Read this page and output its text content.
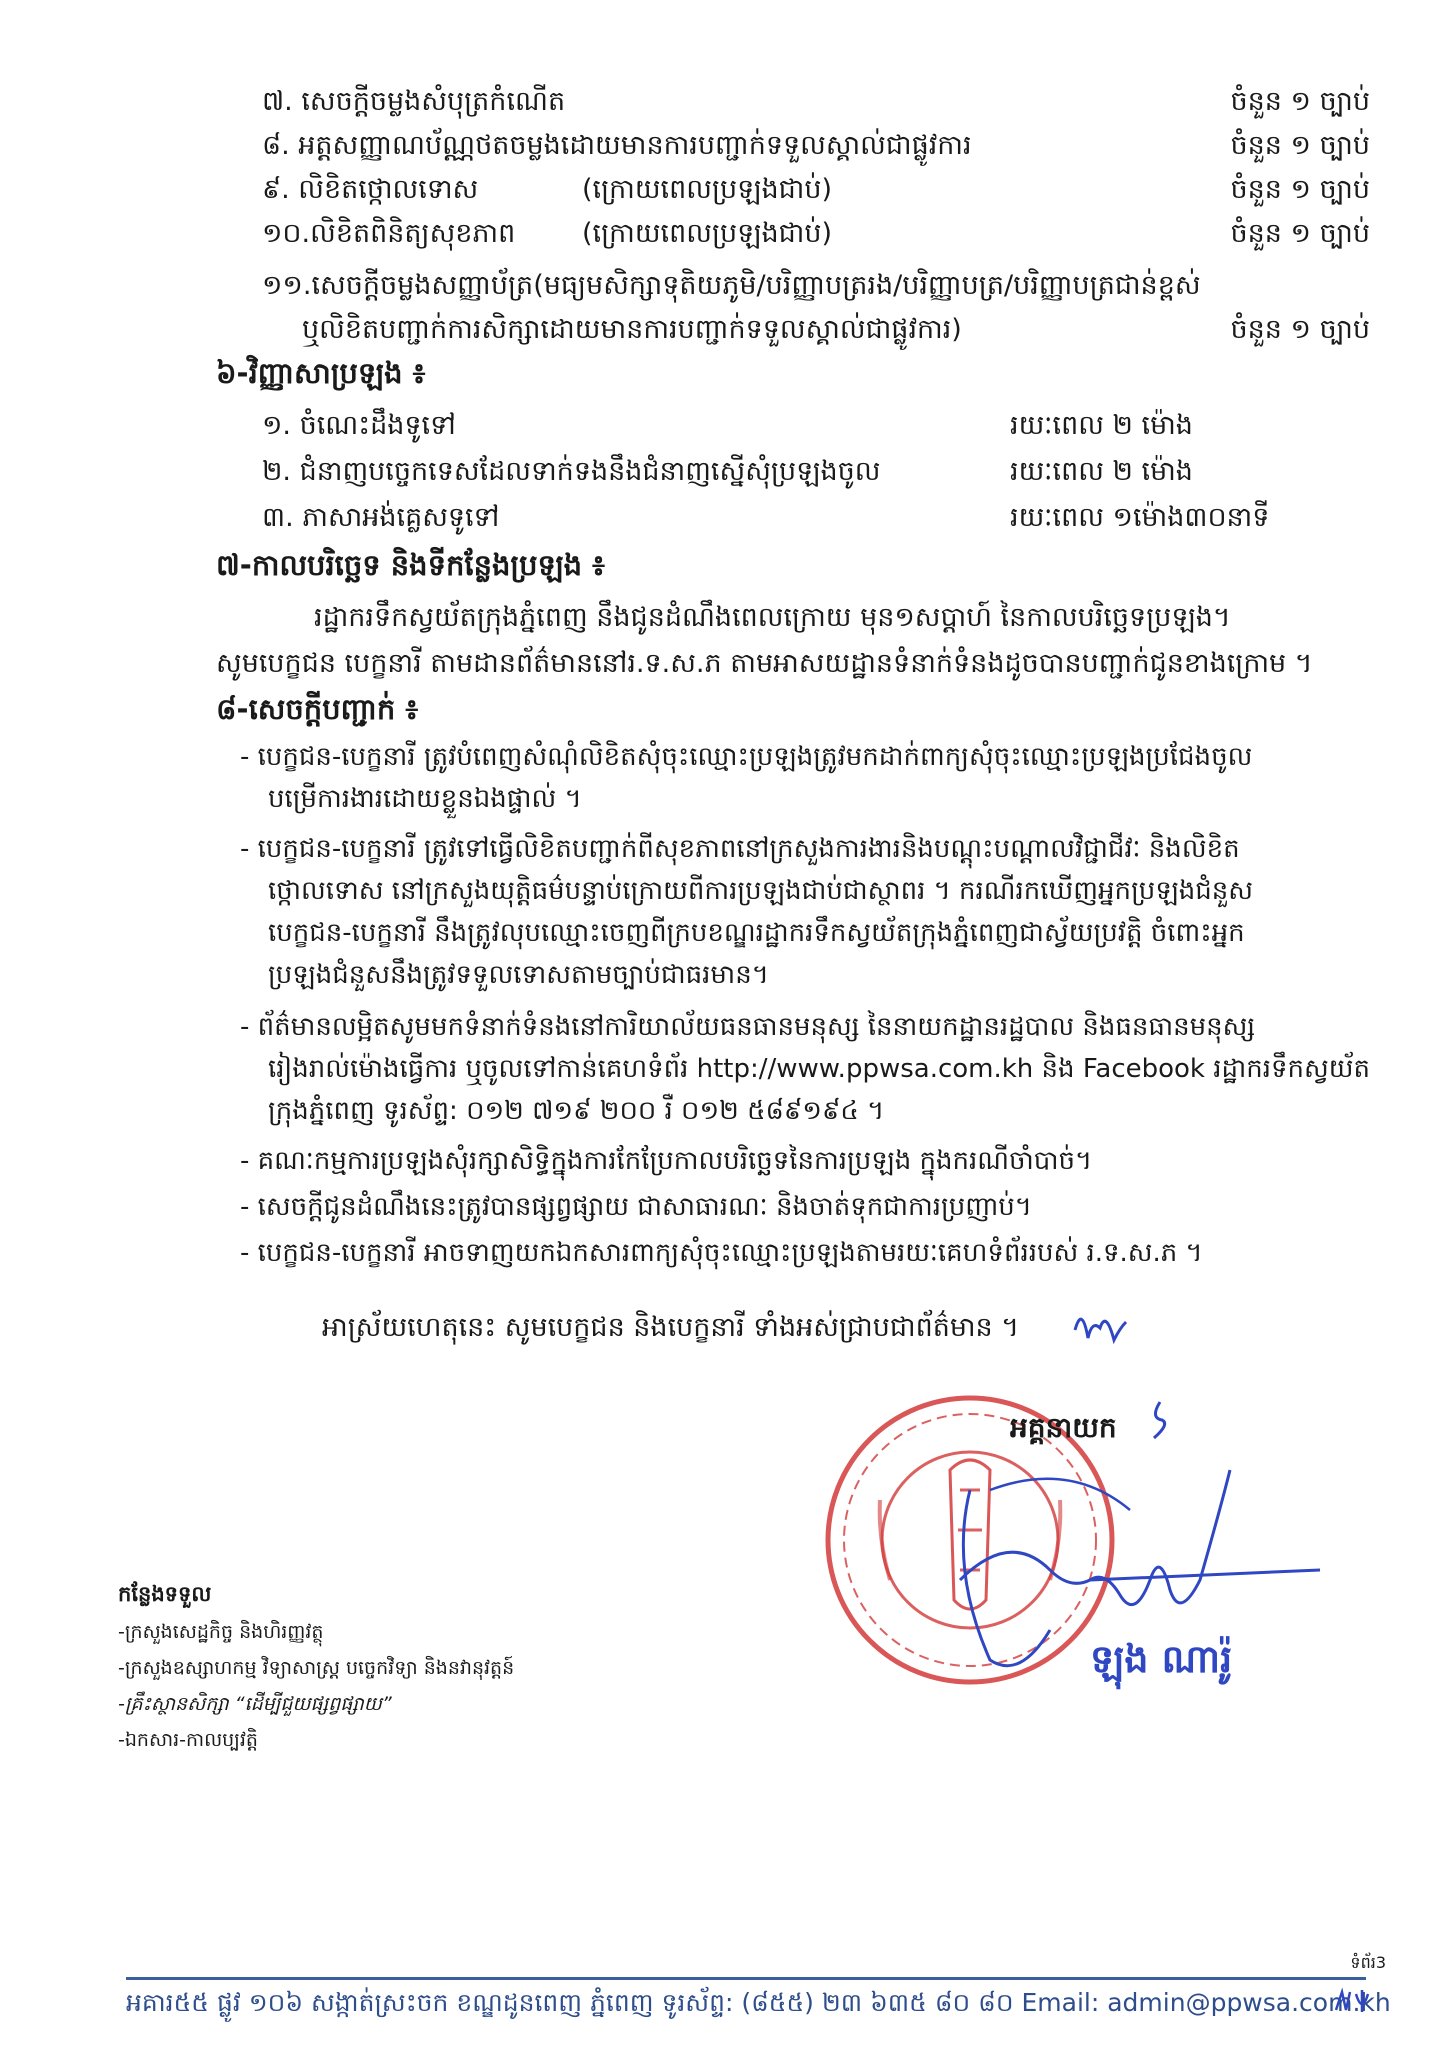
៧. សេចក្ដីចម្លងសំបុត្រកំណើត	ចំនួន ១ ច្បាប់
៨. អត្តសញ្ញាណប័ណ្ណថតចម្លងដោយមានការបញ្ជាក់ទទួលស្គាល់ជាផ្លូវការ	ចំនួន ១ ច្បាប់
៩. លិខិតថ្កោលទោស	(ក្រោយពេលប្រឡងជាប់)	ចំនួន ១ ច្បាប់
១០.លិខិតពិនិត្យសុខភាព (ក្រោយពេលប្រឡងជាប់)	ចំនួន ១ ច្បាប់
១១.សេចក្ដីចម្លងសញ្ញាប័ត្រ(មធ្យមសិក្សាទុតិយភូមិ/បរិញ្ញាបត្ររង/បរិញ្ញាបត្រ/បរិញ្ញាបត្រជាន់ខ្ពស់
ឬលិខិតបញ្ជាក់ការសិក្សាដោយមានការបញ្ជាក់ទទួលស្គាល់ជាផ្លូវការ)	ចំនួន ១ ច្បាប់
៦-វិញ្ញាសាប្រឡង ៖
១. ចំណេះដឹងទូទៅ	រយៈពេល ២ ម៉ោង
២. ជំនាញបច្ចេកទេសដែលទាក់ទងនឹងជំនាញស្នើសុំប្រឡងចូល	រយៈពេល ២ ម៉ោង
៣. ភាសាអង់គ្លេសទូទៅ	រយៈពេល ១ម៉ោង៣០នាទី
៧-កាលបរិច្ឆេទ និងទីកន្លែងប្រឡង ៖
រដ្ឋាករទឹកស្វយ័តក្រុងភ្នំពេញ នឹងជូនដំណឹងពេលក្រោយ មុន១សប្ដាហ៍ នៃកាលបរិច្ឆេទប្រឡង។
សូមបេក្ខជន បេក្ខនារី តាមដានព័ត៌មាននៅរ.ទ.ស.ភ តាមអាសយដ្ឋានទំនាក់ទំនងដូចបានបញ្ជាក់ជូនខាងក្រោម ។
៨-សេចក្ដីបញ្ជាក់ ៖
- បេក្ខជន-បេក្ខនារី ត្រូវបំពេញសំណុំលិខិតសុំចុះឈ្មោះប្រឡងត្រូវមកដាក់ពាក្យសុំចុះឈ្មោះប្រឡងប្រជែងចូល
បម្រើការងារដោយខ្លួនឯងផ្ទាល់ ។
- បេក្ខជន-បេក្ខនារី ត្រូវទៅធ្វើលិខិតបញ្ជាក់ពីសុខភាពនៅក្រសួងការងារនិងបណ្ដុះបណ្ដាលវិជ្ជាជីវៈ និងលិខិត
ថ្កោលទោស នៅក្រសួងយុត្តិធម៌បន្ទាប់ក្រោយពីការប្រឡងជាប់ជាស្ថាពរ ។ ករណីរកឃើញអ្នកប្រឡងជំនួស
បេក្ខជន-បេក្ខនារី នឹងត្រូវលុបឈ្មោះចេញពីក្របខណ្ឌរដ្ឋាករទឹកស្វយ័តក្រុងភ្នំពេញជាស្វ័យប្រវត្តិ ចំពោះអ្នក
ប្រឡងជំនួសនឹងត្រូវទទួលទោសតាមច្បាប់ជាធរមាន។
- ព័ត៌មានលម្អិតសូមមកទំនាក់ទំនងនៅការិយាល័យធនធានមនុស្ស នៃនាយកដ្ឋានរដ្ឋបាល និងធនធានមនុស្ស
រៀងរាល់ម៉ោងធ្វើការ ឬចូលទៅកាន់គេហទំព័រ http://www.ppwsa.com.kh និង Facebook រដ្ឋាករទឹកស្វយ័ត
ក្រុងភ្នំពេញ ទូរស័ព្ទ: ០១២ ៧១៩ ២០០ រឺ ០១២ ៥៨៩១៩៤ ។
- គណៈកម្មការប្រឡងសុំរក្សាសិទ្ធិក្នុងការកែប្រែកាលបរិច្ឆេទនៃការប្រឡង ក្នុងករណីចាំបាច់។
- សេចក្ដីជូនដំណឹងនេះត្រូវបានផ្សព្វផ្សាយ ជាសាធារណៈ និងចាត់ទុកជាការប្រញាប់។
- បេក្ខជន-បេក្ខនារី អាចទាញយកឯកសារពាក្យសុំចុះឈ្មោះប្រឡងតាមរយៈគេហទំព័ររបស់ រ.ទ.ស.ភ ។
អាស្រ័យហេតុនេះ សូមបេក្ខជន និងបេក្ខនារី ទាំងអស់ជ្រាបជាព័ត៌មាន ។
អគ្គនាយក
ឡុង ណារ៉ូ
កន្លែងទទួល
-ក្រសួងសេដ្ឋកិច្ច និងហិរញ្ញវត្ថុ
-ក្រសួងឧស្សាហកម្ម វិទ្យាសាស្ត្រ បច្ចេកវិទ្យា និងនវានុវត្តន៍
-គ្រឹះស្ថានសិក្សា “ដើម្បីជួយផ្សព្វផ្សាយ”
-ឯកសារ-កាលប្បវត្តិ
ទំព័រ3
អគារ៥៥ ផ្លូវ ១០៦ សង្កាត់ស្រះចក ខណ្ឌដូនពេញ ភ្នំពេញ ទូរស័ព្ទ: (៨៥៥) ២៣ ៦៣៥ ៨០ ៨០ Email: admin@ppwsa.com.kh
